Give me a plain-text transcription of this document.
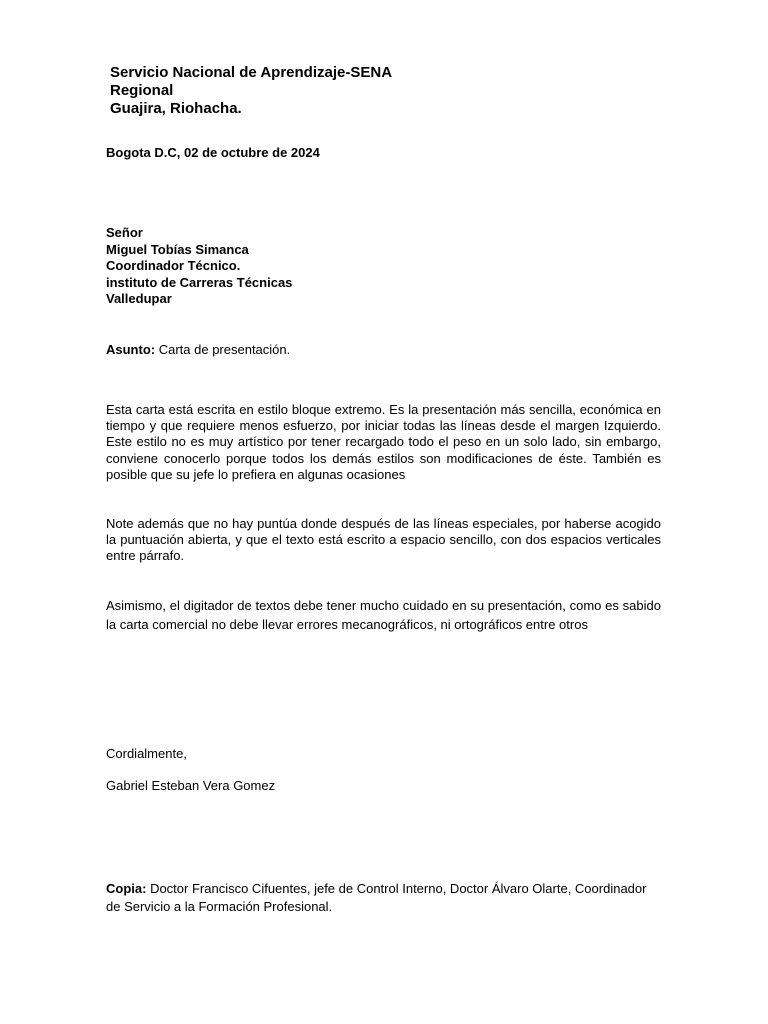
Servicio Nacional de Aprendizaje-SENA
Regional
Guajira, Riohacha.
Bogota D.C, 02 de octubre de 2024
Señor
Miguel Tobías Simanca
Coordinador Técnico.
instituto de Carreras Técnicas
Valledupar
Asunto: Carta de presentación.
Esta carta está escrita en estilo bloque extremo. Es la presentación más sencilla, económica en tiempo y que requiere menos esfuerzo, por iniciar todas las líneas desde el margen Izquierdo. Este estilo no es muy artístico por tener recargado todo el peso en un solo lado, sin embargo, conviene conocerlo porque todos los demás estilos son modificaciones de éste. También es posible que su jefe lo prefiera en algunas ocasiones
Note además que no hay puntúa donde después de las líneas especiales, por haberse acogido la puntuación abierta, y que el texto está escrito a espacio sencillo, con dos espacios verticales entre párrafo.
Asimismo, el digitador de textos debe tener mucho cuidado en su presentación, como es sabido la carta comercial no debe llevar errores mecanográficos, ni ortográficos entre otros
Cordialmente,
Gabriel Esteban Vera Gomez
Copia: Doctor Francisco Cifuentes, jefe de Control Interno, Doctor Álvaro Olarte, Coordinador de Servicio a la Formación Profesional.
